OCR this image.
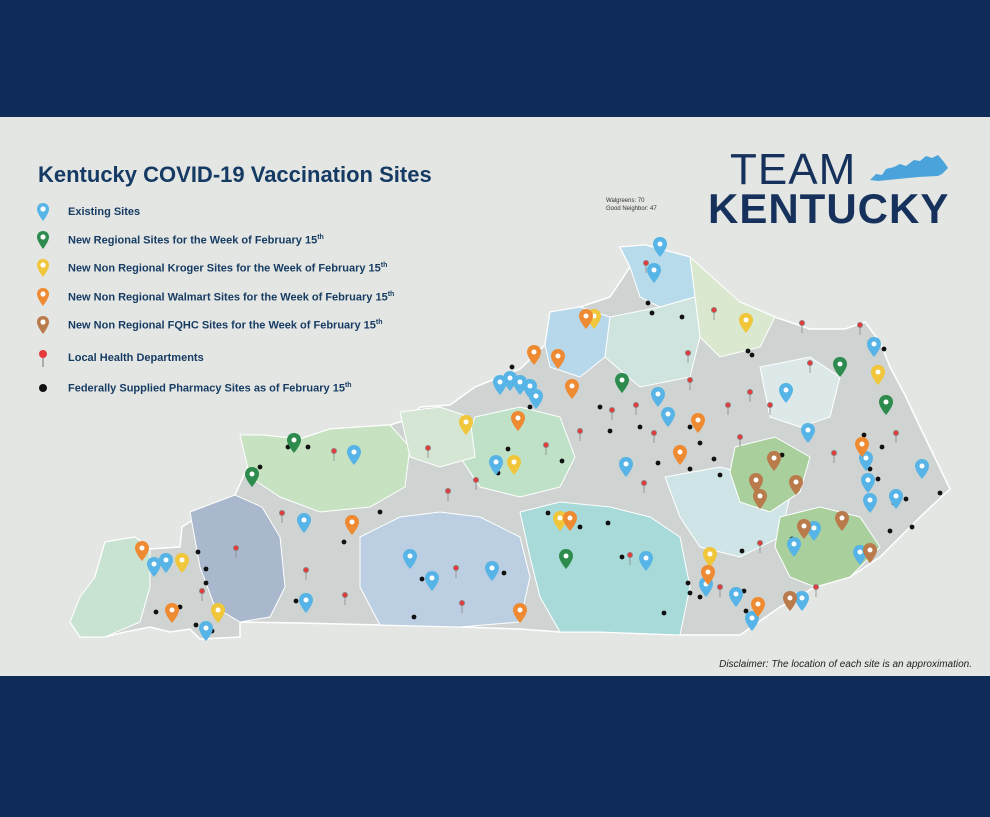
Kentucky COVID-19 Vaccination Sites
Existing Sites
New Regional Sites for the Week of February 15th
New Non Regional Kroger Sites for the Week of February 15th
New Non Regional Walmart Sites for the Week of February 15th
New Non Regional FQHC Sites for the Week of February 15th
Local Health Departments
Federally Supplied Pharmacy Sites as of February 15th
Walgreens: 70
Good Neighbor: 47
TEAM
KENTUCKY
Disclaimer: The location of each site is an approximation.
